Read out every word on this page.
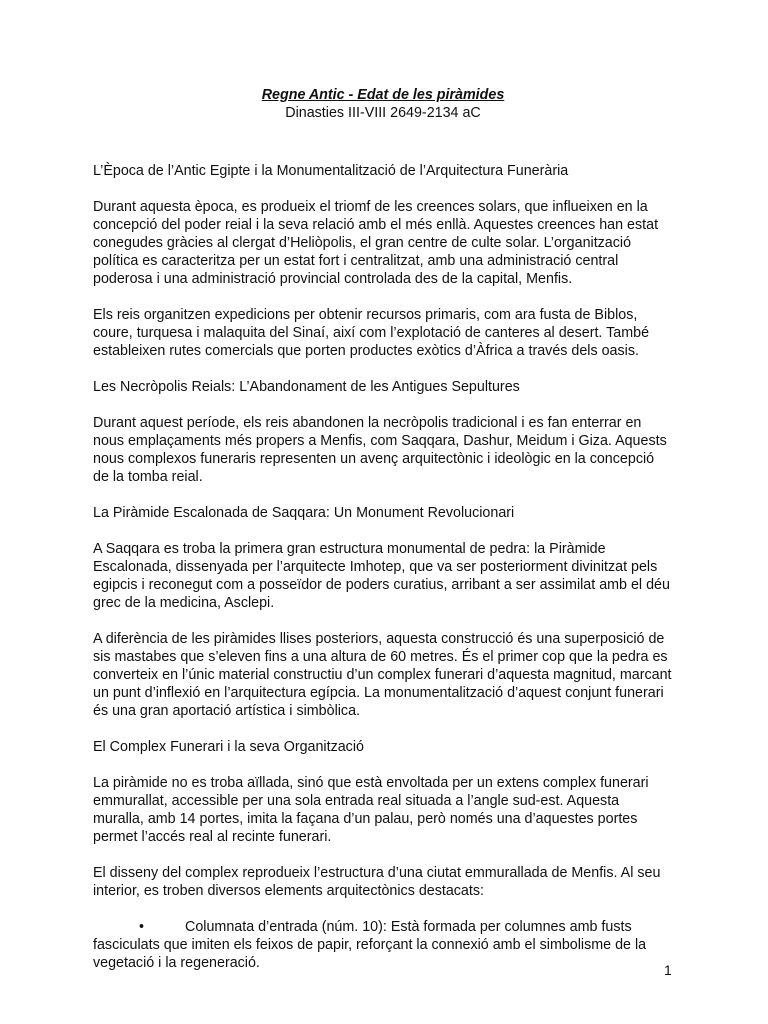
Regne Antic - Edat de les piràmides
Dinasties III-VIII 2649-2134 aC

L’Època de l’Antic Egipte i la Monumentalització de l’Arquitectura Funerària

Durant aquesta època, es produeix el triomf de les creences solars, que influeixen en la concepció del poder reial i la seva relació amb el més enllà. Aquestes creences han estat conegudes gràcies al clergat d’Heliòpolis, el gran centre de culte solar. L’organització política es caracteritza per un estat fort i centralitzat, amb una administració central poderosa i una administració provincial controlada des de la capital, Menfis.

Els reis organitzen expedicions per obtenir recursos primaris, com ara fusta de Biblos, coure, turquesa i malaquita del Sinaí, així com l’explotació de canteres al desert. També estableixen rutes comercials que porten productes exòtics d’Àfrica a través dels oasis.

Les Necròpolis Reials: L’Abandonament de les Antigues Sepultures

Durant aquest període, els reis abandonen la necròpolis tradicional i es fan enterrar en nous emplaçaments més propers a Menfis, com Saqqara, Dashur, Meidum i Giza. Aquests nous complexos funeraris representen un avenç arquitectònic i ideològic en la concepció de la tomba reial.

La Piràmide Escalonada de Saqqara: Un Monument Revolucionari

A Saqqara es troba la primera gran estructura monumental de pedra: la Piràmide Escalonada, dissenyada per l’arquitecte Imhotep, que va ser posteriorment divinitzat pels egipcis i reconegut com a posseïdor de poders curatius, arribant a ser assimilat amb el déu grec de la medicina, Asclepi.

A diferència de les piràmides llises posteriors, aquesta construcció és una superposició de sis mastabes que s’eleven fins a una altura de 60 metres. És el primer cop que la pedra es converteix en l’únic material constructiu d’un complex funerari d’aquesta magnitud, marcant un punt d’inflexió en l’arquitectura egípcia. La monumentalització d’aquest conjunt funerari és una gran aportació artística i simbòlica.

El Complex Funerari i la seva Organització

La piràmide no es troba aïllada, sinó que està envoltada per un extens complex funerari emmurallat, accessible per una sola entrada real situada a l’angle sud-est. Aquesta muralla, amb 14 portes, imita la façana d’un palau, però només una d’aquestes portes permet l’accés real al recinte funerari.

El disseny del complex reprodueix l’estructura d’una ciutat emmurallada de Menfis. Al seu interior, es troben diversos elements arquitectònics destacats:

•	Columnata d’entrada (núm. 10): Està formada per columnes amb fusts fasciculats que imiten els feixos de papir, reforçant la connexió amb el simbolisme de la vegetació i la regeneració.	1
